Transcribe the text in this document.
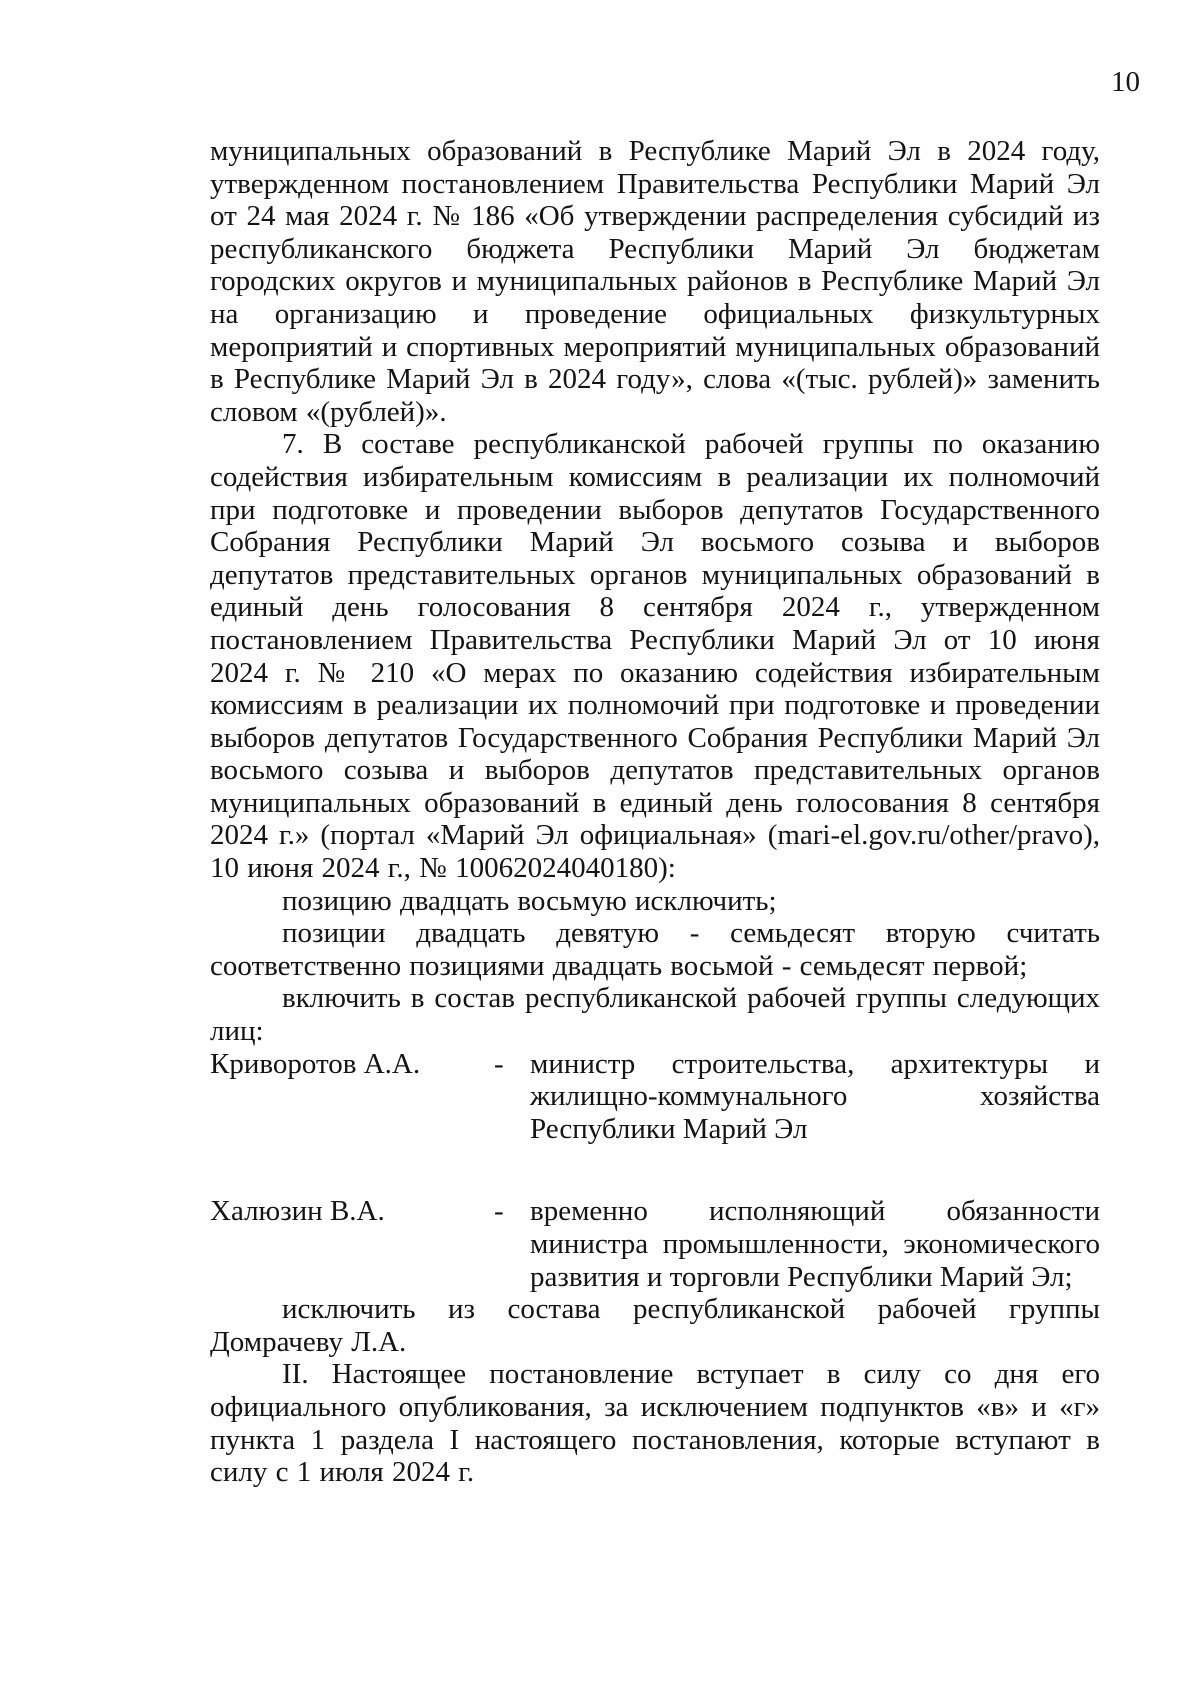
10

муниципальных образований в Республике Марий Эл в 2024 году, утвержденном постановлением Правительства Республики Марий Эл от 24 мая 2024 г. № 186 «Об утверждении распределения субсидий из республиканского бюджета Республики Марий Эл бюджетам городских округов и муниципальных районов в Республике Марий Эл на организацию и проведение официальных физкультурных мероприятий и спортивных мероприятий муниципальных образований в Республике Марий Эл в 2024 году», слова «(тыс. рублей)» заменить словом «(рублей)».

7. В составе республиканской рабочей группы по оказанию содействия избирательным комиссиям в реализации их полномочий при подготовке и проведении выборов депутатов Государственного Собрания Республики Марий Эл восьмого созыва и выборов депутатов представительных органов муниципальных образований в единый день голосования 8 сентября 2024 г., утвержденном постановлением Правительства Республики Марий Эл от 10 июня 2024 г. № 210 «О мерах по оказанию содействия избирательным комиссиям в реализации их полномочий при подготовке и проведении выборов депутатов Государственного Собрания Республики Марий Эл восьмого созыва и выборов депутатов представительных органов муниципальных образований в единый день голосования 8 сентября 2024 г.» (портал «Марий Эл официальная» (mari-el.gov.ru/other/pravo), 10 июня 2024 г., № 10062024040180):

позицию двадцать восьмую исключить;

позиции двадцать девятую - семьдесят вторую считать соответственно позициями двадцать восьмой - семьдесят первой;

включить в состав республиканской рабочей группы следующих лиц:

Криворотов А.А.	- министр строительства, архитектуры и жилищно-коммунального хозяйства Республики Марий Эл
Халюзин В.А.	- временно исполняющий обязанности министра промышленности, экономического развития и торговли Республики Марий Эл;

исключить из состава республиканской рабочей группы Домрачеву Л.А.

II. Настоящее постановление вступает в силу со дня его официального опубликования, за исключением подпунктов «в» и «г» пункта 1 раздела I настоящего постановления, которые вступают в силу с 1 июля 2024 г.
